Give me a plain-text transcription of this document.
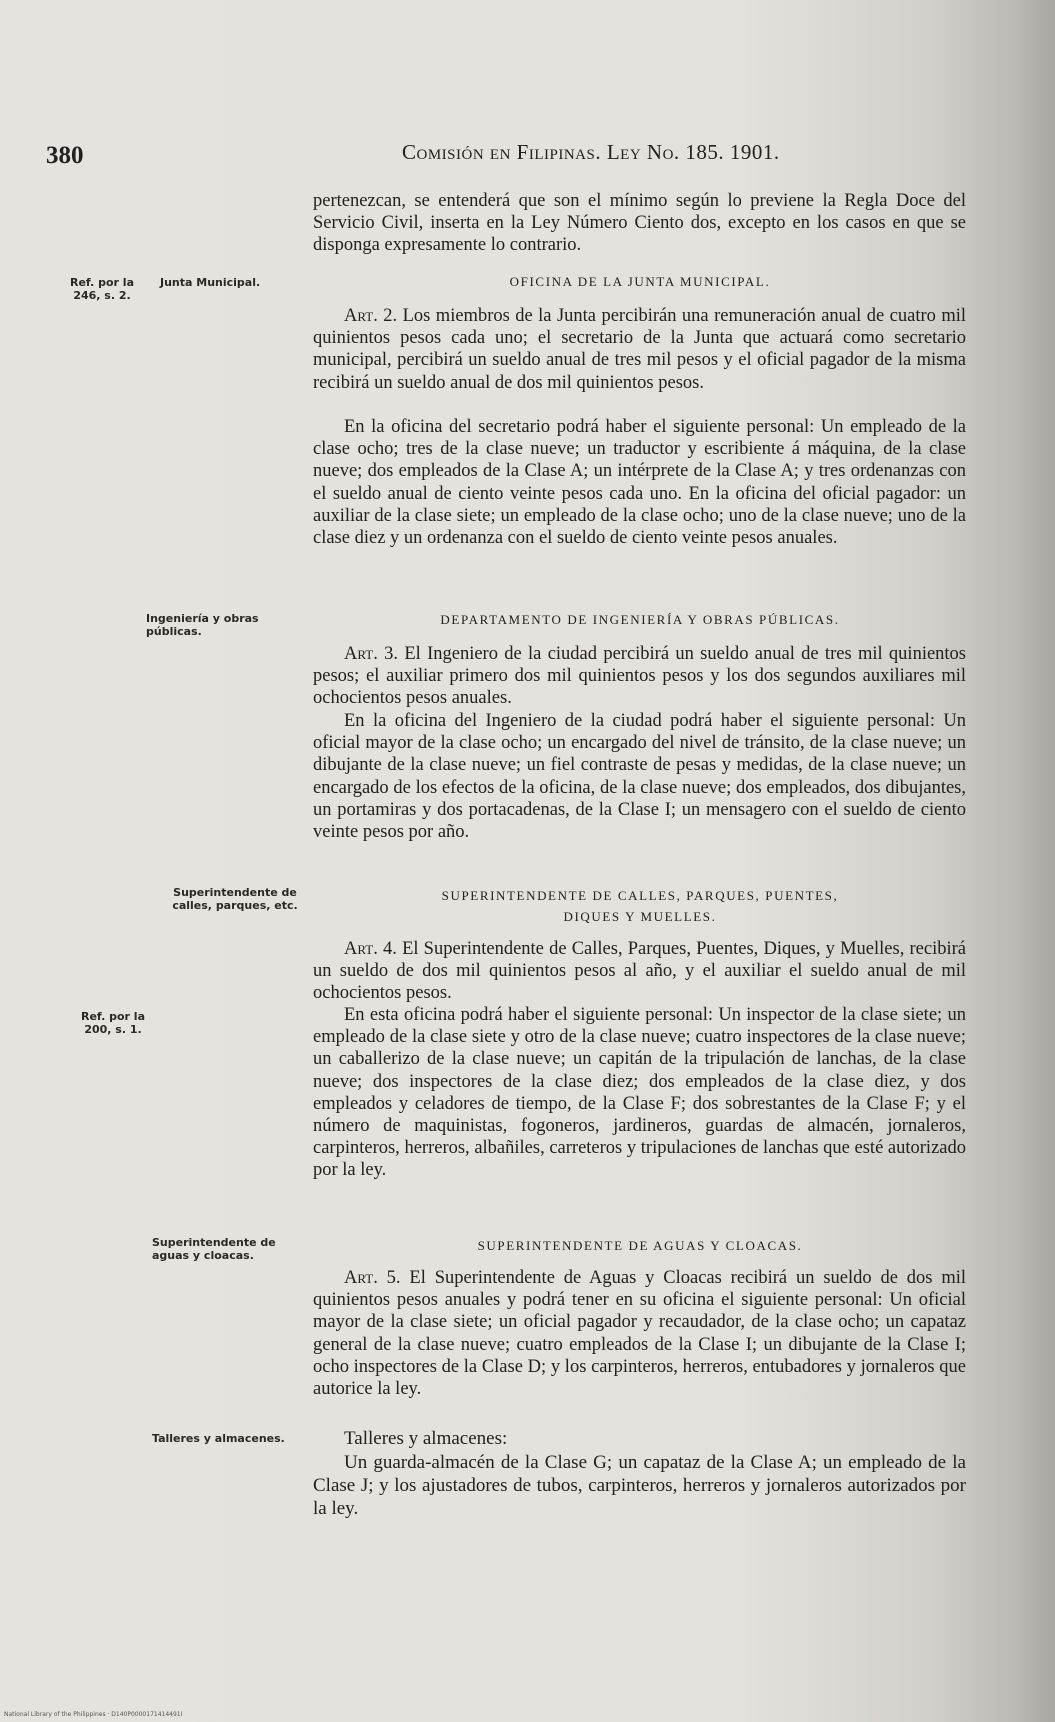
380	Comisión en Filipinas. Ley No. 185. 1901.

pertenezcan, se entenderá que son el mínimo según lo previene la Regla Doce del Servicio Civil, inserta en la Ley Número Ciento dos, excepto en los casos en que se disponga expresamente lo contrario.

Ref. por la 246, s. 2.
Junta Municipal.	OFICINA DE LA JUNTA MUNICIPAL.

Art. 2. Los miembros de la Junta percibirán una remuneración anual de cuatro mil quinientos pesos cada uno; el secretario de la Junta que actuará como secretario municipal, percibirá un sueldo anual de tres mil pesos y el oficial pagador de la misma recibirá un sueldo anual de dos mil quinientos pesos.

En la oficina del secretario podrá haber el siguiente personal: Un empleado de la clase ocho; tres de la clase nueve; un traductor y escribiente á máquina, de la clase nueve; dos empleados de la Clase A; un intérprete de la Clase A; y tres ordenanzas con el sueldo anual de ciento veinte pesos cada uno. En la oficina del oficial pagador: un auxiliar de la clase siete; un empleado de la clase ocho; uno de la clase nueve; uno de la clase diez y un ordenanza con el sueldo de ciento veinte pesos anuales.

Ingeniería y obras públicas.
DEPARTAMENTO DE INGENIERÍA Y OBRAS PÚBLICAS.

Art. 3. El Ingeniero de la ciudad percibirá un sueldo anual de tres mil quinientos pesos; el auxiliar primero dos mil quinientos pesos y los dos segundos auxiliares mil ochocientos pesos anuales.

En la oficina del Ingeniero de la ciudad podrá haber el siguiente personal: Un oficial mayor de la clase ocho; un encargado del nivel de tránsito, de la clase nueve; un dibujante de la clase nueve; un fiel contraste de pesas y medidas, de la clase nueve; un encargado de los efectos de la oficina, de la clase nueve; dos empleados, dos dibujantes, un portamiras y dos portacadenas, de la Clase I; un mensagero con el sueldo de ciento veinte pesos por año.

Superintendente de calles, parques, etc.
SUPERINTENDENTE DE CALLES, PARQUES, PUENTES,
DIQUES Y MUELLES.

Art. 4. El Superintendente de Calles, Parques, Puentes, Diques, y Muelles, recibirá un sueldo de dos mil quinientos pesos al año, y el auxiliar el sueldo anual de mil ochocientos pesos.

Ref. por la 200, s. 1.

En esta oficina podrá haber el siguiente personal: Un inspector de la clase siete; un empleado de la clase siete y otro de la clase nueve; cuatro inspectores de la clase nueve; un caballerizo de la clase nueve; un capitán de la tripulación de lanchas, de la clase nueve; dos inspectores de la clase diez; dos empleados de la clase diez, y dos empleados y celadores de tiempo, de la Clase F; dos sobrestantes de la Clase F; y el número de maquinistas, fogoneros, jardineros, guardas de almacén, jornaleros, carpinteros, herreros, albañiles, carreteros y tripulaciones de lanchas que esté autorizado por la ley.

Superintendente de aguas y cloacas.
SUPERINTENDENTE DE AGUAS Y CLOACAS.

Art. 5. El Superintendente de Aguas y Cloacas recibirá un sueldo de dos mil quinientos pesos anuales y podrá tener en su oficina el siguiente personal: Un oficial mayor de la clase siete; un oficial pagador y recaudador, de la clase ocho; un capataz general de la clase nueve; cuatro empleados de la Clase I; un dibujante de la Clase I; ocho inspectores de la Clase D; y los carpinteros, herreros, entubadores y jornaleros que autorice la ley.

Talleres y almacenes.	Talleres y almacenes:

Un guarda-almacén de la Clase G; un capataz de la Clase A; un empleado de la Clase J; y los ajustadores de tubos, carpinteros, herreros y jornaleros autorizados por la ley.

National Library of the Philippines · D140P0000171414491I
